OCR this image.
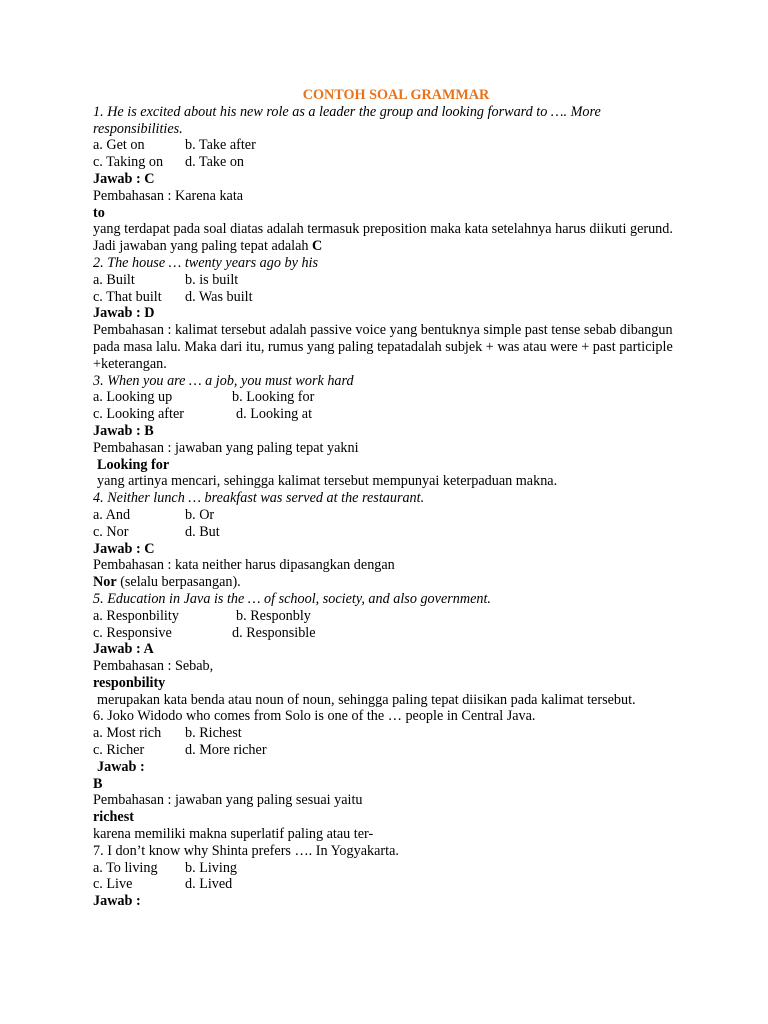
CONTOH SOAL GRAMMAR
1. He is excited about his new role as a leader the group and looking forward to …. More responsibilities.
a. Get on	b. Take after
c. Taking on	d. Take on
Jawab : C
Pembahasan : Karena kata
to
yang terdapat pada soal diatas adalah termasuk preposition maka kata setelahnya harus diikuti gerund. Jadi jawaban yang paling tepat adalah C
2. The house … twenty years ago by his
a. Built	b. is built
c. That built	d. Was built
Jawab : D
Pembahasan : kalimat tersebut adalah passive voice yang bentuknya simple past tense sebab dibangun pada masa lalu. Maka dari itu, rumus yang paling tepatadalah subjek + was atau were + past participle +keterangan.
3. When you are … a job, you must work hard
a. Looking up	b. Looking for
c. Looking after	d. Looking at
Jawab : B
Pembahasan : jawaban yang paling tepat yakni
Looking for
yang artinya mencari, sehingga kalimat tersebut mempunyai keterpaduan makna.
4. Neither lunch … breakfast was served at the restaurant.
a. And	b. Or
c. Nor	d. But
Jawab : C
Pembahasan : kata neither harus dipasangkan dengan
Nor (selalu berpasangan).
5. Education in Java is the … of school, society, and also government.
a. Responbility	b. Responbly
c. Responsive	d. Responsible
Jawab : A
Pembahasan : Sebab,
responbility
merupakan kata benda atau noun of noun, sehingga paling tepat diisikan pada kalimat tersebut.
6. Joko Widodo who comes from Solo is one of the … people in Central Java.
a. Most rich	b. Richest
c. Richer	d. More richer
Jawab :
B
Pembahasan : jawaban yang paling sesuai yaitu
richest
karena memiliki makna superlatif paling atau ter-
7. I don’t know why Shinta prefers …. In Yogyakarta.
a. To living	b. Living
c. Live	d. Lived
Jawab :
